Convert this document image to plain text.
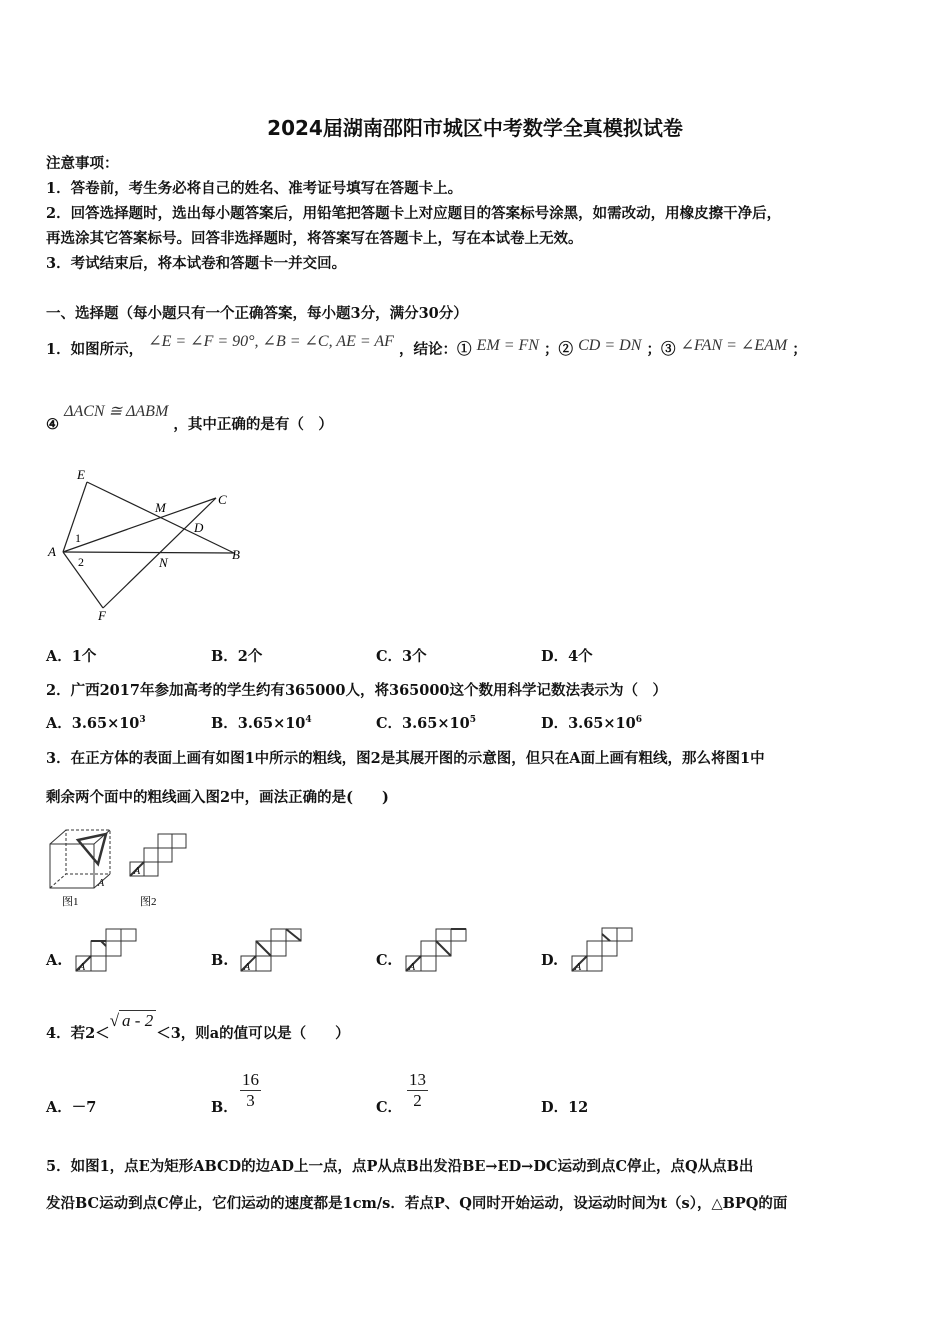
2024届湖南邵阳市城区中考数学全真模拟试卷
注意事项：
1．答卷前，考生务必将自己的姓名、准考证号填写在答题卡上。
2．回答选择题时，选出每小题答案后，用铅笔把答题卡上对应题目的答案标号涂黑，如需改动，用橡皮擦干净后，
再选涂其它答案标号。回答非选择题时，将答案写在答题卡上，写在本试卷上无效。
3．考试结束后，将本试卷和答题卡一并交回。
一、选择题（每小题只有一个正确答案，每小题3分，满分30分）
1．如图所示， ∠E = ∠F = 90°, ∠B = ∠C, AE = AF ，结论：① EM = FN ；② CD = DN ；③ ∠FAN = ∠EAM ；
④ ΔACN ≅ ΔABM ，其中正确的是有（　）
E
C
M
D
A	B
N
F
1
2
A．1个	B．2个	C．3个	D．4个
2．广西2017年参加高考的学生约有365000人，将365000这个数用科学记数法表示为（　）
A．$3.65\times 10^3$	B．$3.65\times 10^4$	C．$3.65\times 10^5$	D．$3.65\times 10^6$
3．在正方体的表面上画有如图1中所示的粗线，图2是其展开图的示意图，但只在A面上画有粗线，那么将图1中
剩余两个面中的粗线画入图2中，画法正确的是(　　)
A
A
图1	图2
A.	B.	C.	D.
A	A	A	A
4．若2＜√ a - 2＜3，则a的值可以是（　　）
A．－7	B． $\frac{16}{3}$	C． $\frac{13}{2}$	D．12
5．如图1，点E为矩形ABCD的边AD上一点，点P从点B出发沿BE→ED→DC运动到点C停止，点Q从点B出
发沿BC运动到点C停止，它们运动的速度都是1cm/s．若点P、Q同时开始运动，设运动时间为t（s），△BPQ的面
